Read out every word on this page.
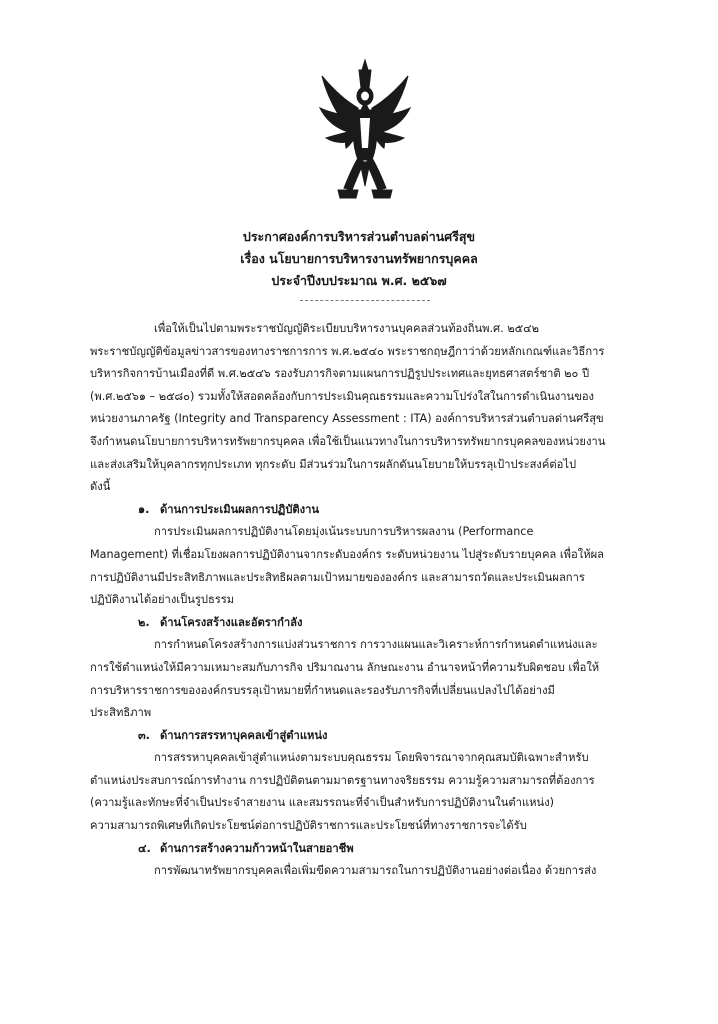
ประกาศองค์การบริหารส่วนตำบลด่านศรีสุข
เรื่อง นโยบายการบริหารงานทรัพยากรบุคคล
ประจำปีงบประมาณ พ.ศ. ๒๕๖๗
เพื่อให้เป็นไปตามพระราชบัญญัติระเบียบบริหารงานบุคคลส่วนท้องถิ่นพ.ศ. ๒๕๔๒
พระราชบัญญัติข้อมูลข่าวสารของทางราชการการ พ.ศ.๒๕๔๐ พระราชกฤษฎีกาว่าด้วยหลักเกณฑ์และวิธีการ
บริหารกิจการบ้านเมืองที่ดี พ.ศ.๒๕๔๖ รองรับภารกิจตามแผนการปฏิรูปประเทศและยุทธศาสตร์ชาติ ๒๐ ปี
(พ.ศ.๒๕๖๑ – ๒๕๘๐) รวมทั้งให้สอดคล้องกับการประเมินคุณธรรมและความโปร่งใสในการดำเนินงานของ
หน่วยงานภาครัฐ (Integrity and Transparency Assessment : ITA) องค์การบริหารส่วนตำบลด่านศรีสุข
จึงกำหนดนโยบายการบริหารทรัพยากรบุคคล เพื่อใช้เป็นแนวทางในการบริหารทรัพยากรบุคคลของหน่วยงาน
และส่งเสริมให้บุคลากรทุกประเภท ทุกระดับ มีส่วนร่วมในการผลักดันนโยบายให้บรรลุเป้าประสงค์ต่อไป
ดังนี้
๑. ด้านการประเมินผลการปฏิบัติงาน
การประเมินผลการปฏิบัติงานโดยมุ่งเน้นระบบการบริหารผลงาน (Performance
Management) ที่เชื่อมโยงผลการปฏิบัติงานจากระดับองค์กร ระดับหน่วยงาน ไปสู่ระดับรายบุคคล เพื่อให้ผล
การปฏิบัติงานมีประสิทธิภาพและประสิทธิผลตามเป้าหมายขององค์กร และสามารถวัดและประเมินผลการ
ปฏิบัติงานได้อย่างเป็นรูปธรรม
๒. ด้านโครงสร้างและอัตรากำลัง
การกำหนดโครงสร้างการแบ่งส่วนราชการ การวางแผนและวิเคราะห์การกำหนดตำแหน่งและ
การใช้ตำแหน่งให้มีความเหมาะสมกับภารกิจ ปริมาณงาน ลักษณะงาน อำนาจหน้าที่ความรับผิดชอบ เพื่อให้
การบริหารราชการขององค์กรบรรลุเป้าหมายที่กำหนดและรองรับภารกิจที่เปลี่ยนแปลงไปได้อย่างมี
ประสิทธิภาพ
๓. ด้านการสรรหาบุคคลเข้าสู่ตำแหน่ง
การสรรหาบุคคลเข้าสู่ตำแหน่งตามระบบคุณธรรม โดยพิจารณาจากคุณสมบัติเฉพาะสำหรับ
ตำแหน่งประสบการณ์การทำงาน การปฏิบัติตนตามมาตรฐานทางจริยธรรม ความรู้ความสามารถที่ต้องการ
(ความรู้และทักษะที่จำเป็นประจำสายงาน และสมรรถนะที่จำเป็นสำหรับการปฏิบัติงานในตำแหน่ง)
ความสามารถพิเศษที่เกิดประโยชน์ต่อการปฏิบัติราชการและประโยชน์ที่ทางราชการจะได้รับ
๔. ด้านการสร้างความก้าวหน้าในสายอาชีพ
การพัฒนาทรัพยากรบุคคลเพื่อเพิ่มขีดความสามารถในการปฏิบัติงานอย่างต่อเนื่อง ด้วยการส่ง
